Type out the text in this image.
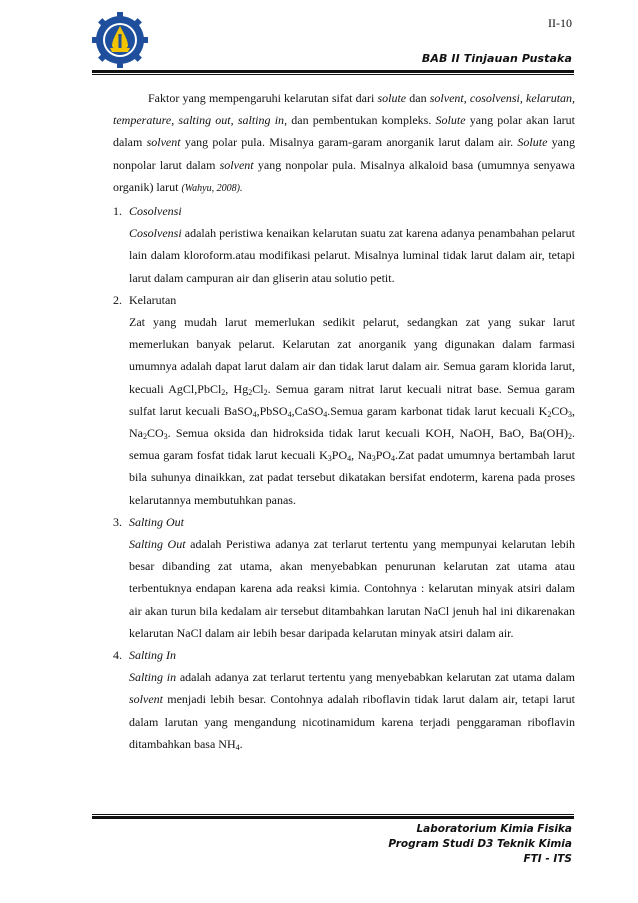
II-10
BAB II Tinjauan Pustaka

Faktor yang mempengaruhi kelarutan sifat dari solute dan solvent, cosolvensi, kelarutan, temperature, salting out, salting in, dan pembentukan kompleks. Solute yang polar akan larut dalam solvent yang polar pula. Misalnya garam-garam anorganik larut dalam air. Solute yang nonpolar larut dalam solvent yang nonpolar pula. Misalnya alkaloid basa (umumnya senyawa organik) larut (Wahyu, 2008).

1. Cosolvensi

Cosolvensi adalah peristiwa kenaikan kelarutan suatu zat karena adanya penambahan pelarut lain dalam kloroform.atau modifikasi pelarut. Misalnya luminal tidak larut dalam air, tetapi larut dalam campuran air dan gliserin atau solutio petit.

2. Kelarutan

Zat yang mudah larut memerlukan sedikit pelarut, sedangkan zat yang sukar larut memerlukan banyak pelarut. Kelarutan zat anorganik yang digunakan dalam farmasi umumnya adalah dapat larut dalam air dan tidak larut dalam air. Semua garam klorida larut, kecuali AgCl,PbCl$_2$, $Hg_2Cl_2$. Semua garam nitrat larut kecuali nitrat base. Semua garam sulfat larut kecuali BaSO$_4$,PbSO$_4$,CaSO$_4$.Semua garam karbonat tidak larut kecuali $K_2CO_3$, $Na_2CO_3$. Semua oksida dan hidroksida tidak larut kecuali KOH, NaOH, BaO, $Ba(OH)_2$. semua garam fosfat tidak larut kecuali $K_3PO_4$, $Na_3PO_4.Zat$ padat umumnya bertambah larut bila suhunya dinaikkan, zat padat tersebut dikatakan bersifat endoterm, karena pada proses kelarutannya membutuhkan panas.

3. Salting Out

Salting Out adalah Peristiwa adanya zat terlarut tertentu yang mempunyai kelarutan lebih besar dibanding zat utama, akan menyebabkan penurunan kelarutan zat utama atau terbentuknya endapan karena ada reaksi kimia. Contohnya : kelarutan minyak atsiri dalam air akan turun bila kedalam air tersebut ditambahkan larutan NaCl jenuh hal ini dikarenakan kelarutan NaCl dalam air lebih besar daripada kelarutan minyak atsiri dalam air.

4. Salting In

Salting in adalah adanya zat terlarut tertentu yang menyebabkan kelarutan zat utama dalam solvent menjadi lebih besar. Contohnya adalah riboflavin tidak larut dalam air, tetapi larut dalam larutan yang mengandung nicotinamidum karena terjadi penggaraman riboflavin ditambahkan basa $NH_4$.

Laboratorium Kimia Fisika
Program Studi D3 Teknik Kimia
FTI - ITS
